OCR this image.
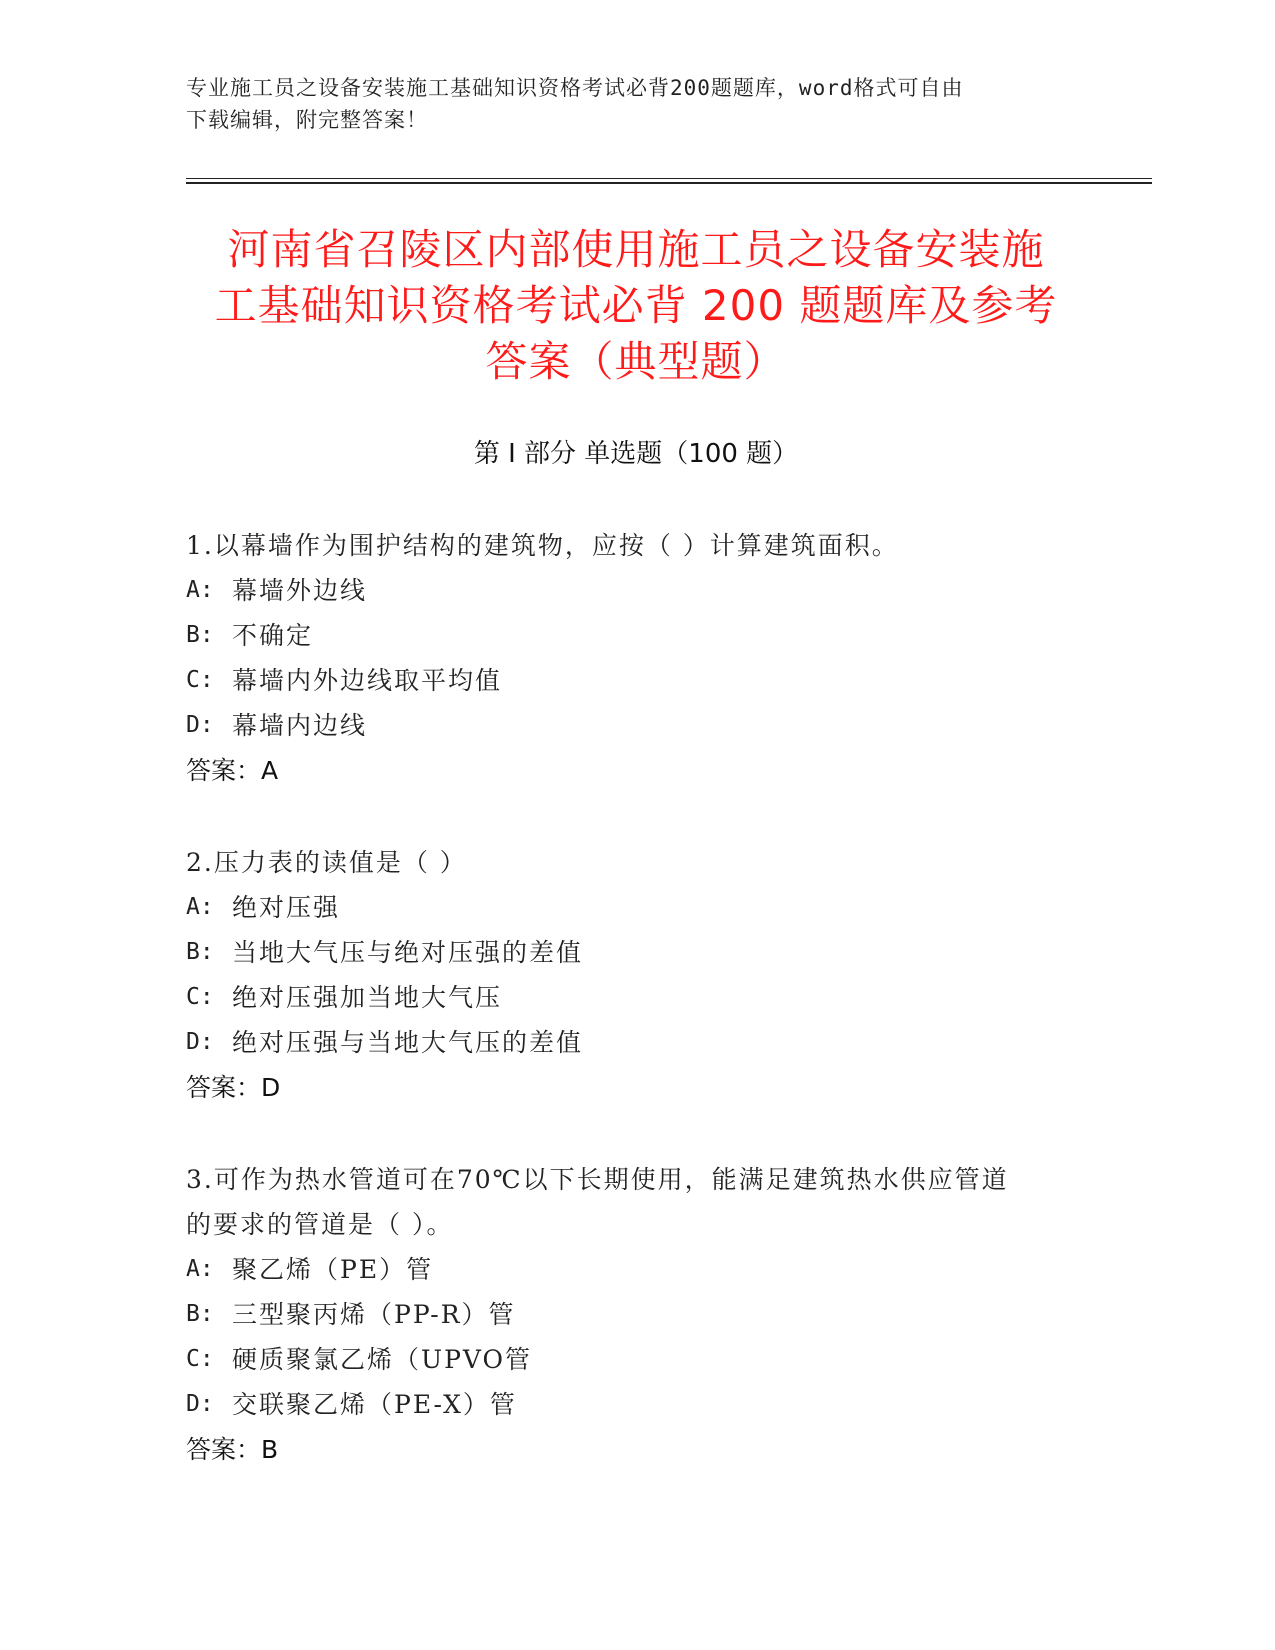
专业施工员之设备安装施工基础知识资格考试必背200题题库，word格式可自由
下载编辑，附完整答案！
河南省召陵区内部使用施工员之设备安装施
工基础知识资格考试必背 200 题题库及参考
答案（典型题）
第 I 部分 单选题（100 题）
1.以幕墙作为围护结构的建筑物，应按（ ）计算建筑面积。
A: 幕墙外边线
B: 不确定
C: 幕墙内外边线取平均值
D: 幕墙内边线
答案：A
2.压力表的读值是（ ）
A: 绝对压强
B: 当地大气压与绝对压强的差值
C: 绝对压强加当地大气压
D: 绝对压强与当地大气压的差值
答案：D
3.可作为热水管道可在70℃以下长期使用，能满足建筑热水供应管道
的要求的管道是（ ）。
A: 聚乙烯（PE）管
B: 三型聚丙烯（PP-R）管
C: 硬质聚氯乙烯（UPVO管
D: 交联聚乙烯（PE-X）管
答案：B
